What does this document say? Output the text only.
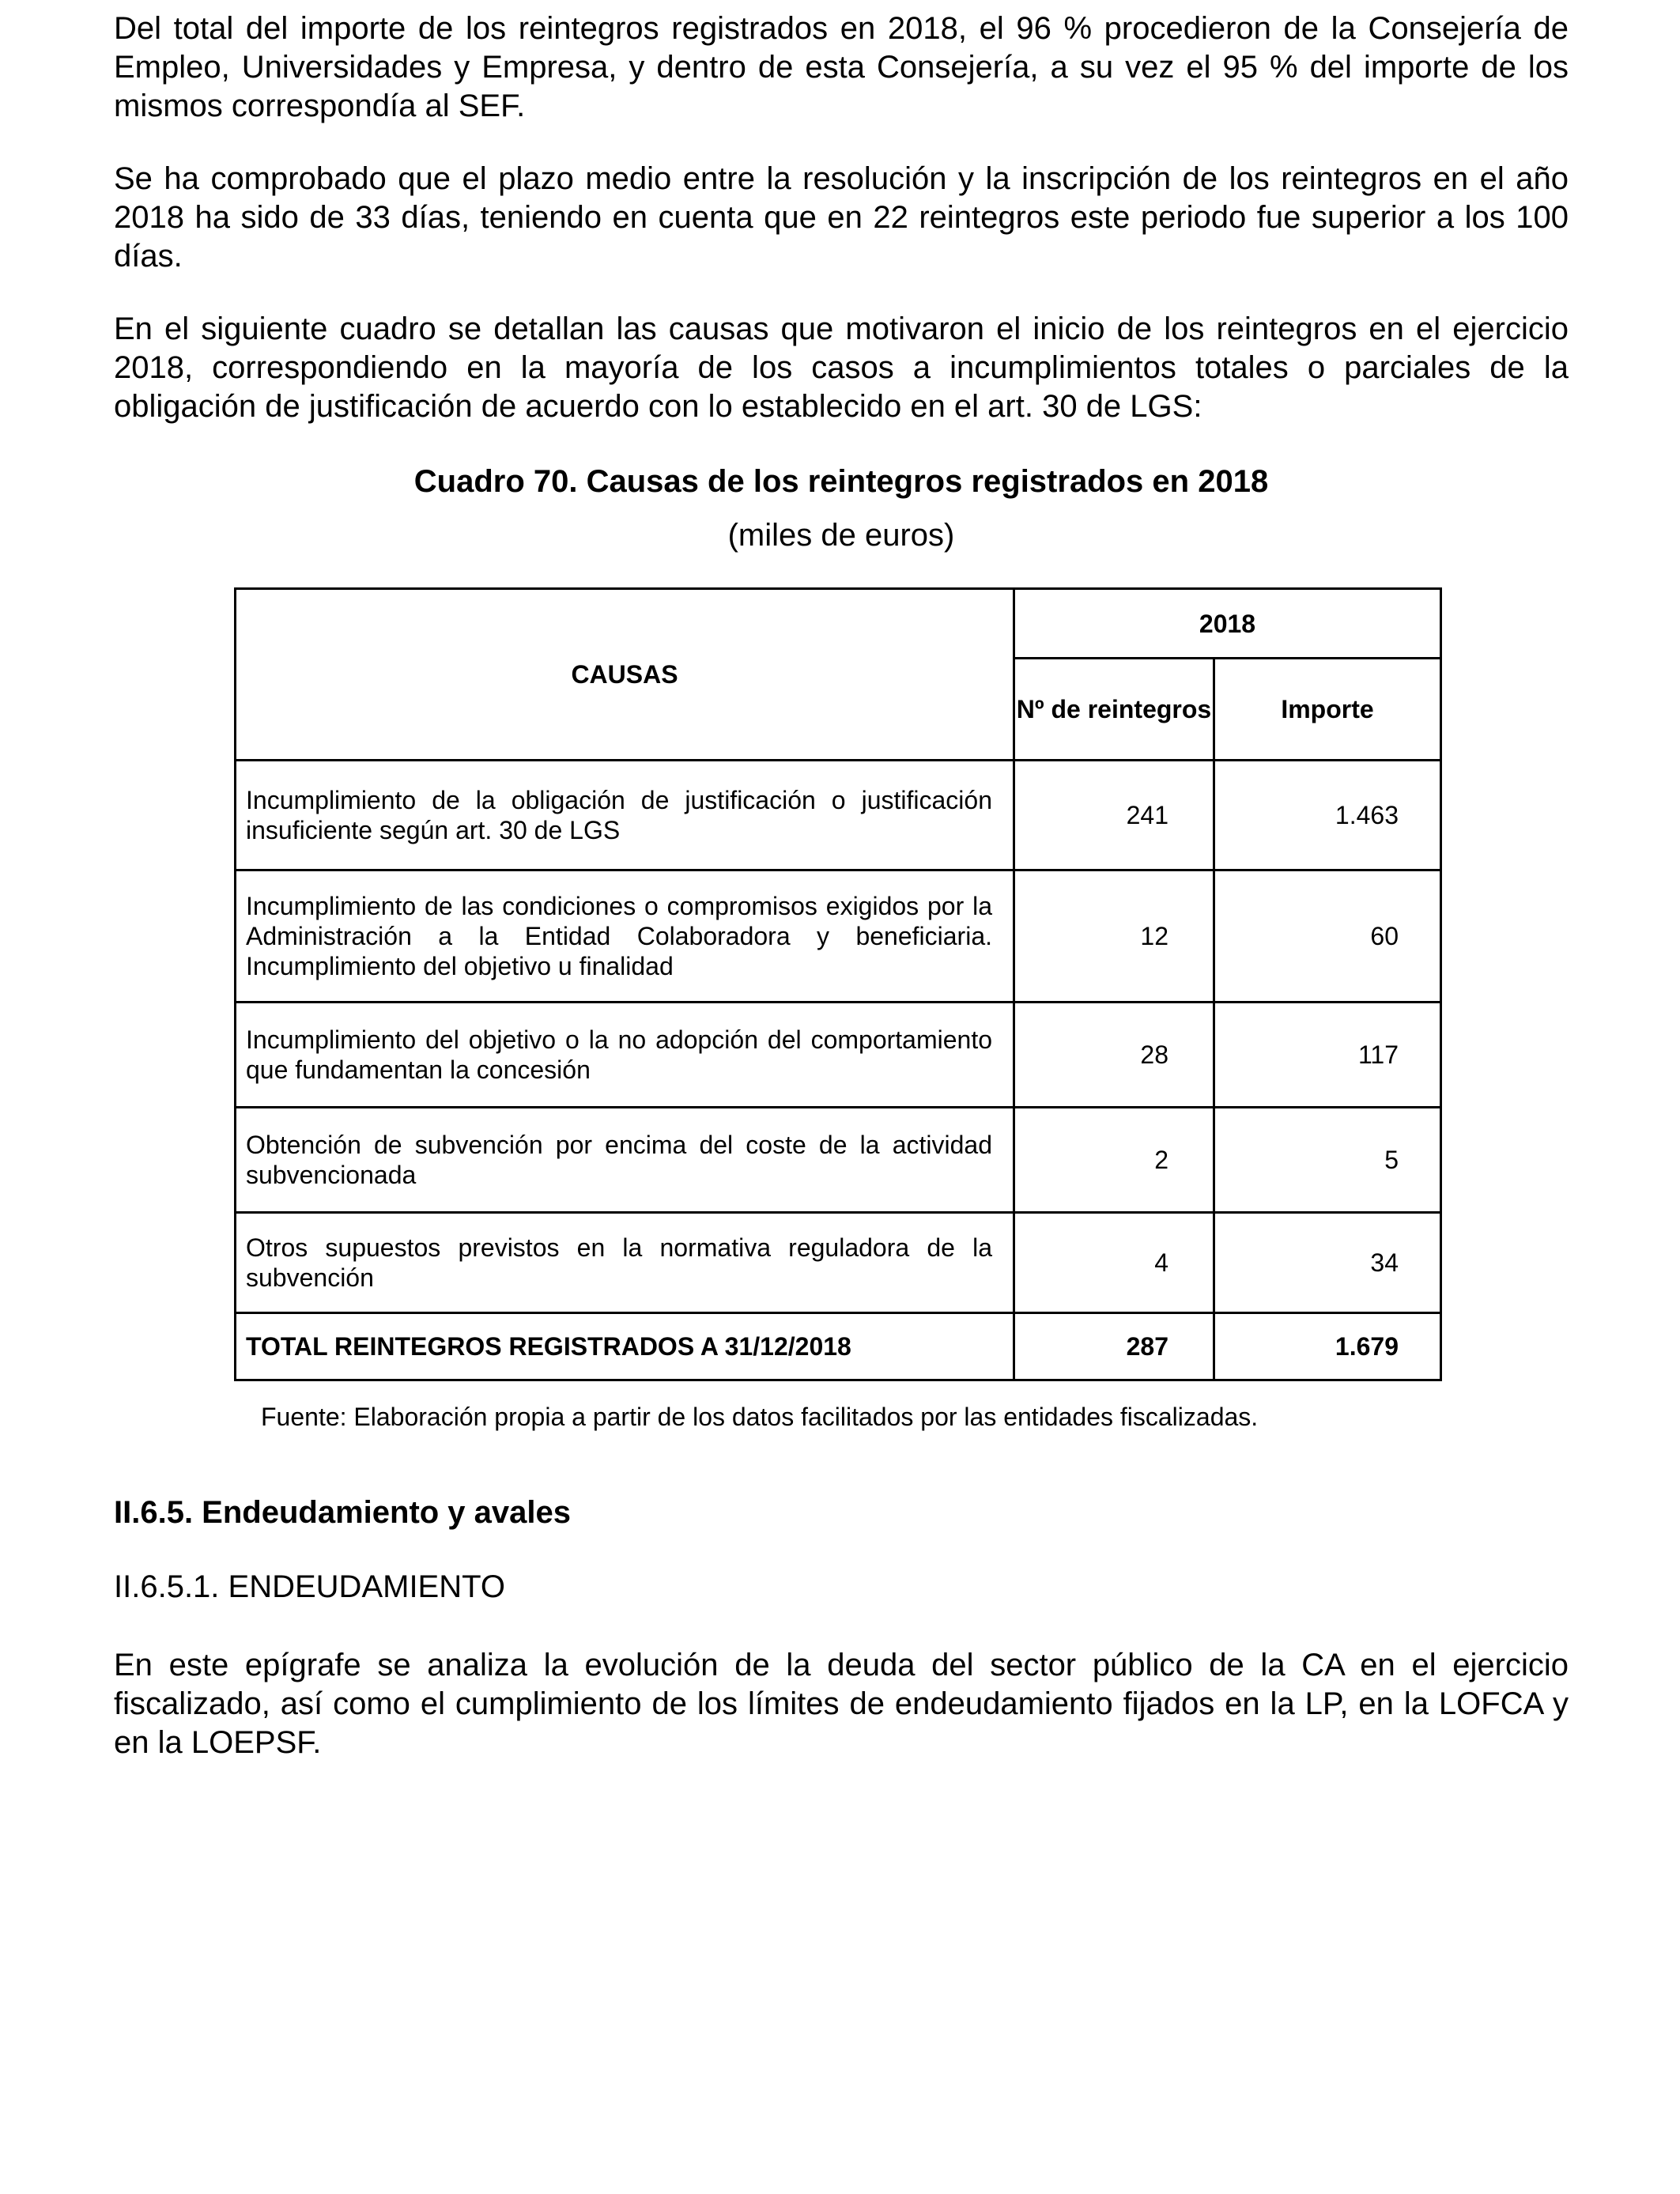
Del total del importe de los reintegros registrados en 2018, el 96 % procedieron de la Consejería de Empleo, Universidades y Empresa, y dentro de esta Consejería, a su vez el 95 % del importe de los mismos correspondía al SEF.

Se ha comprobado que el plazo medio entre la resolución y la inscripción de los reintegros en el año 2018 ha sido de 33 días, teniendo en cuenta que en 22 reintegros este periodo fue superior a los 100 días.

En el siguiente cuadro se detallan las causas que motivaron el inicio de los reintegros en el ejercicio 2018, correspondiendo en la mayoría de los casos a incumplimientos totales o parciales de la obligación de justificación de acuerdo con lo establecido en el art. 30 de LGS:

Cuadro 70. Causas de los reintegros registrados en 2018
(miles de euros)
CAUSAS	2018	
	Nº de reintegros	Importe
Incumplimiento de la obligación de justificación o justificación insuficiente según art. 30 de LGS	241	1.463
Incumplimiento de las condiciones o compromisos exigidos por la Administración a la Entidad Colaboradora y beneficiaria. Incumplimiento del objetivo u finalidad	12	60
Incumplimiento del objetivo o la no adopción del comportamiento que fundamentan la concesión	28	117
Obtención de subvención por encima del coste de la actividad subvencionada	2	5
Otros supuestos previstos en la normativa reguladora de la subvención	4	34
TOTAL REINTEGROS REGISTRADOS A 31/12/2018	287	1.679
Fuente: Elaboración propia a partir de los datos facilitados por las entidades fiscalizadas.
II.6.5. Endeudamiento y avales
II.6.5.1. ENDEUDAMIENTO

En este epígrafe se analiza la evolución de la deuda del sector público de la CA en el ejercicio fiscalizado, así como el cumplimiento de los límites de endeudamiento fijados en la LP, en la LOFCA y en la LOEPSF.
